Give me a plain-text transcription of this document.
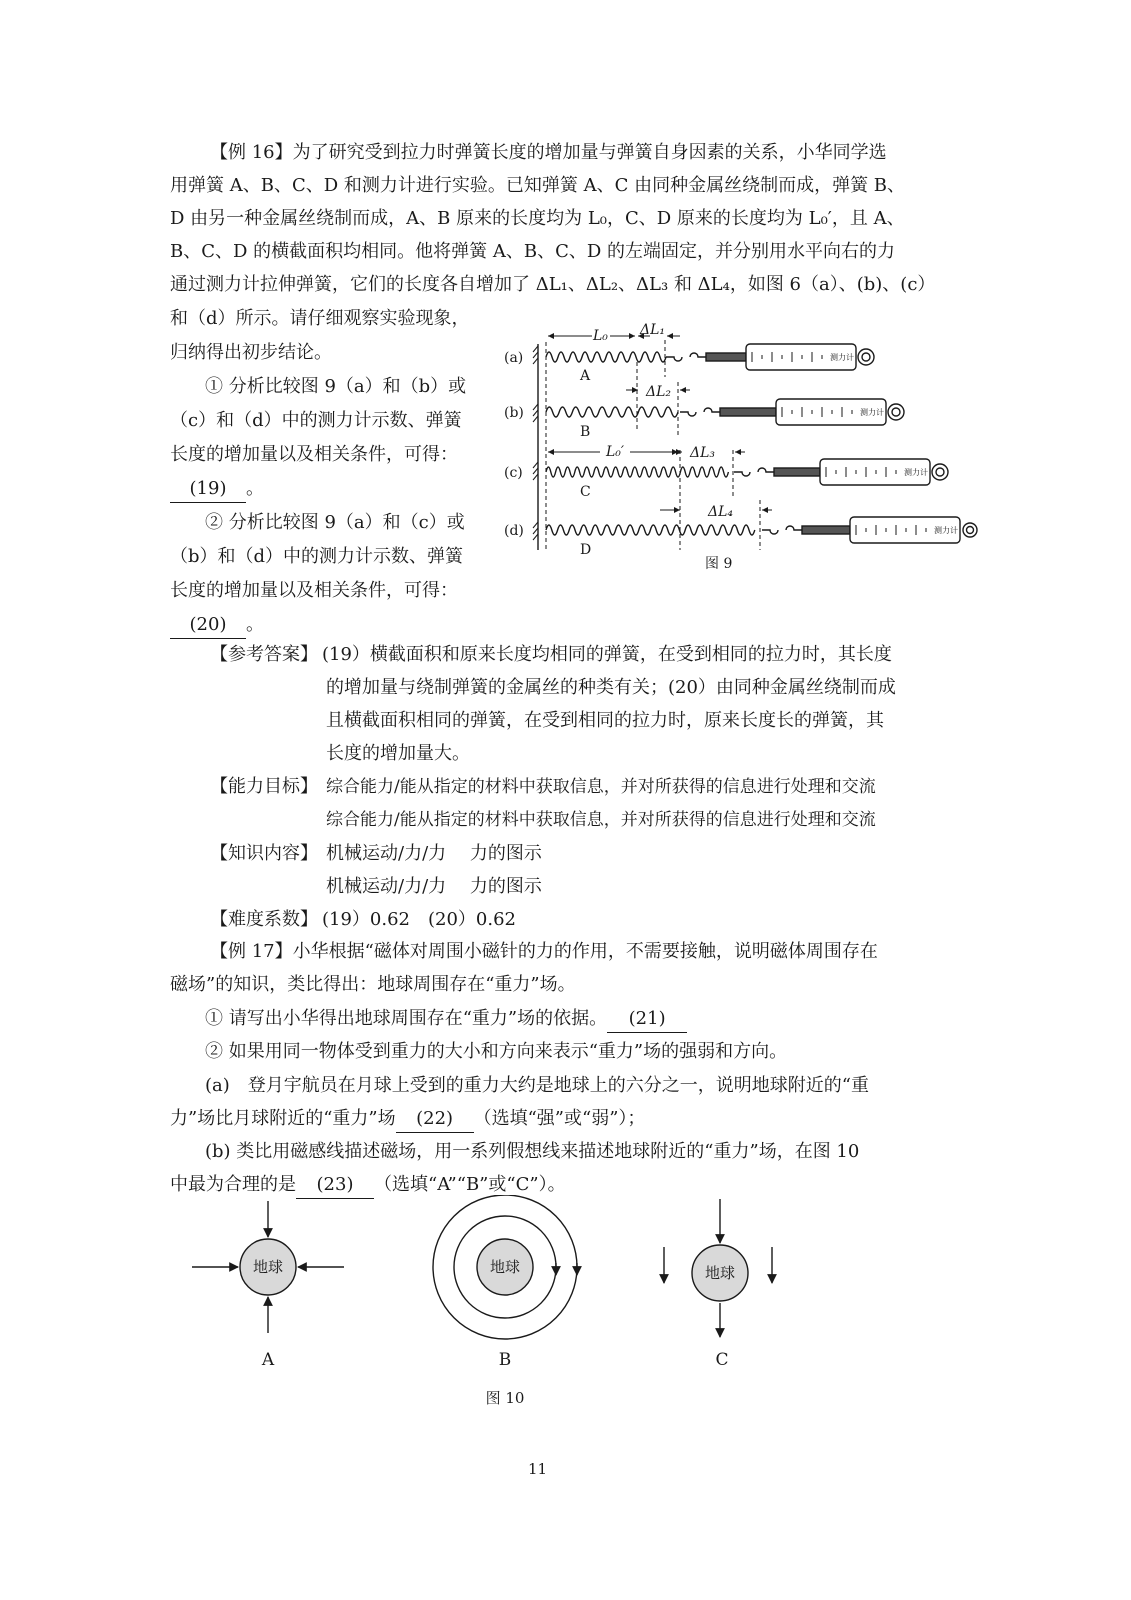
【例 16】为了研究受到拉力时弹簧长度的增加量与弹簧自身因素的关系，小华同学选
用弹簧 A、B、C、D 和测力计进行实验。已知弹簧 A、C 由同种金属丝绕制而成，弹簧 B、
D 由另一种金属丝绕制而成，A、B 原来的长度均为 L₀，C、D 原来的长度均为 L₀′，且 A、
B、C、D 的横截面积均相同。他将弹簧 A、B、C、D 的左端固定，并分别用水平向右的力
通过测力计拉伸弹簧，它们的长度各自增加了 ΔL₁、ΔL₂、ΔL₃ 和 ΔL₄，如图 6（a）、(b)、(c）
和（d）所示。请仔细观察实验现象，
归纳得出初步结论。
① 分析比较图 9（a）和（b）或
（c）和（d）中的测力计示数、弹簧
长度的增加量以及相关条件，可得：
(19) 。
② 分析比较图 9（a）和（c）或
（b）和（d）中的测力计示数、弹簧
长度的增加量以及相关条件，可得：
(20) 。
(a)
(b)
(c)
(d)
A
B
C
D
L₀ ΔL₁
ΔL₂
L₀′	ΔL₃
ΔL₄
图 9
测力计
测力计
测力计
测力计
【参考答案】 (19）横截面积和原来长度均相同的弹簧，在受到相同的拉力时，其长度
的增加量与绕制弹簧的金属丝的种类有关；(20）由同种金属丝绕制而成
且横截面积相同的弹簧，在受到相同的拉力时，原来长度长的弹簧，其
长度的增加量大。
【能力目标】 综合能力/能从指定的材料中获取信息，并对所获得的信息进行处理和交流
综合能力/能从指定的材料中获取信息，并对所获得的信息进行处理和交流
【知识内容】 机械运动/力/力　 力的图示
机械运动/力/力　 力的图示
【难度系数】 (19）0.62　(20）0.62
【例 17】小华根据“磁体对周围小磁针的力的作用，不需要接触，说明磁体周围存在
磁场”的知识，类比得出：地球周围存在“重力”场。
① 请写出小华得出地球周围存在“重力”场的依据。 (21)
② 如果用同一物体受到重力的大小和方向来表示“重力”场的强弱和方向。
(a)　登月宇航员在月球上受到的重力大约是地球上的六分之一，说明地球附近的“重
力”场比月球附近的“重力”场 (22) （选填“强”或“弱”）；
(b) 类比用磁感线描述磁场，用一系列假想线来描述地球附近的“重力”场，在图 10
中最为合理的是 (23) （选填“A”“B”或“C”）。
地球	地球	地球
A	B	C
图 10
11
